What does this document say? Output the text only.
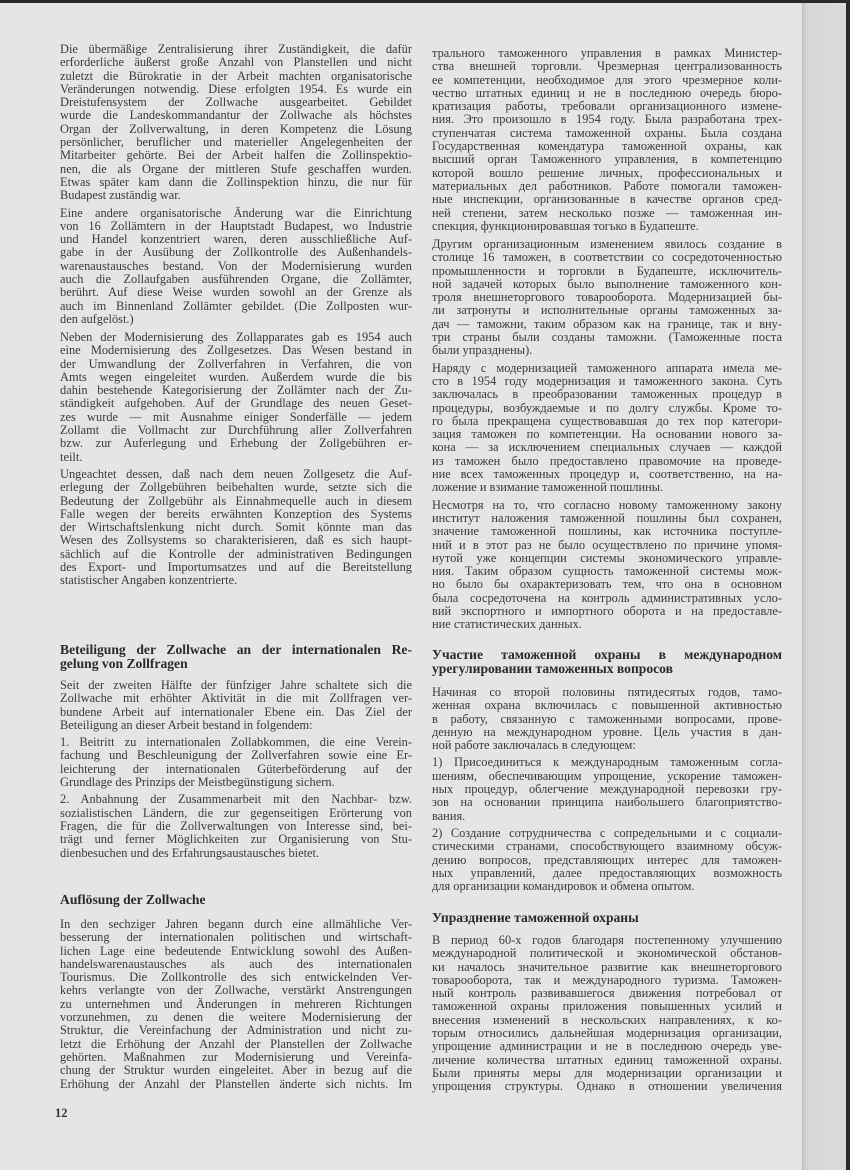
Die übermäßige Zentralisierung ihrer Zuständigkeit, die dafür
erforderliche äußerst große Anzahl von Planstellen und nicht
zuletzt die Bürokratie in der Arbeit machten organisatorische
Veränderungen notwendig. Diese erfolgten 1954. Es wurde ein
Dreistufensystem der Zollwache ausgearbeitet. Gebildet
wurde die Landeskommandantur der Zollwache als höchstes
Organ der Zollverwaltung, in deren Kompetenz die Lösung
persönlicher, beruflicher und materieller Angelegenheiten der
Mitarbeiter gehörte. Bei der Arbeit halfen die Zollinspektio-
nen, die als Organe der mittleren Stufe geschaffen wurden.
Etwas später kam dann die Zollinspektion hinzu, die nur für
Budapest zuständig war.
Eine andere organisatorische Änderung war die Einrichtung
von 16 Zollämtern in der Hauptstadt Budapest, wo Industrie
und Handel konzentriert waren, deren ausschließliche Auf-
gabe in der Ausübung der Zollkontrolle des Außenhandels-
warenaustausches bestand. Von der Modernisierung wurden
auch die Zollaufgaben ausführenden Organe, die Zollämter,
berührt. Auf diese Weise wurden sowohl an der Grenze als
auch im Binnenland Zollämter gebildet. (Die Zollposten wur-
den aufgelöst.)
Neben der Modernisierung des Zollapparates gab es 1954 auch
eine Modernisierung des Zollgesetzes. Das Wesen bestand in
der Umwandlung der Zollverfahren in Verfahren, die von
Amts wegen eingeleitet wurden. Außerdem wurde die bis
dahin bestehende Kategorisierung der Zollämter nach der Zu-
ständigkeit aufgehoben. Auf der Grundlage des neuen Geset-
zes wurde — mit Ausnahme einiger Sonderfälle — jedem
Zollamt die Vollmacht zur Durchführung aller Zollverfahren
bzw. zur Auferlegung und Erhebung der Zollgebühren er-
teilt.
Ungeachtet dessen, daß nach dem neuen Zollgesetz die Auf-
erlegung der Zollgebühren beibehalten wurde, setzte sich die
Bedeutung der Zollgebühr als Einnahmequelle auch in diesem
Falle wegen der bereits erwähnten Konzeption des Systems
der Wirtschaftslenkung nicht durch. Somit könnte man das
Wesen des Zollsystems so charakterisieren, daß es sich haupt-
sächlich auf die Kontrolle der administrativen Bedingungen
des Export- und Importumsatzes und auf die Bereitstellung
statistischer Angaben konzentrierte.
Beteiligung der Zollwache an der internationalen Re-
gelung von Zollfragen
Seit der zweiten Hälfte der fünfziger Jahre schaltete sich die
Zollwache mit erhöhter Aktivität in die mit Zollfragen ver-
bundene Arbeit auf internationaler Ebene ein. Das Ziel der
Beteiligung an dieser Arbeit bestand in folgendem:
1. Beitritt zu internationalen Zollabkommen, die eine Verein-
fachung und Beschleunigung der Zollverfahren sowie eine Er-
leichterung der internationalen Güterbeförderung auf der
Grundlage des Prinzips der Meistbegünstigung sichern.
2. Anbahnung der Zusammenarbeit mit den Nachbar- bzw.
sozialistischen Ländern, die zur gegenseitigen Erörterung von
Fragen, die für die Zollverwaltungen von Interesse sind, bei-
trägt und ferner Möglichkeiten zur Organisierung von Stu-
dienbesuchen und des Erfahrungsaustausches bietet.
Auflösung der Zollwache
In den sechziger Jahren begann durch eine allmähliche Ver-
besserung der internationalen politischen und wirtschaft-
lichen Lage eine bedeutende Entwicklung sowohl des Außen-
handelswarenaustausches als auch des internationalen
Tourismus. Die Zollkontrolle des sich entwickelnden Ver-
kehrs verlangte von der Zollwache, verstärkt Anstrengungen
zu unternehmen und Änderungen in mehreren Richtungen
vorzunehmen, zu denen die weitere Modernisierung der
Struktur, die Vereinfachung der Administration und nicht zu-
letzt die Erhöhung der Anzahl der Planstellen der Zollwache
gehörten. Maßnahmen zur Modernisierung und Vereinfa-
chung der Struktur wurden eingeleitet. Aber in bezug auf die
Erhöhung der Anzahl der Planstellen änderte sich nichts. Im
трального таможенного управления в рамках Министер-
ства внешней торговли. Чрезмерная централизованность
ее компетенции, необходимое для этого чрезмерное коли-
чество штатных единиц и не в последнюю очередь бюро-
кратизация работы, требовали организационного измене-
ния. Это произошло в 1954 году. Была разработана трех-
ступенчатая система таможенной охраны. Была создана
Государственная комендатура таможенной охраны, как
высший орган Таможенного управления, в компетенцию
которой вошло решение личных, профессиональных и
материальных дел работников. Работе помогали таможен-
ные инспекции, организованные в качестве органов сред-
ней степени, затем несколько позже — таможенная ин-
спекция, функционировавшая тогько в Будапеште.
Другим организационным изменением явилось создание в
столице 16 таможен, в соответствии со сосредоточенностью
промышленности и торговли в Будапеште, исключитель-
ной задачей которых было выполнение таможенного кон-
троля внешнеторгового товарооборота. Модернизацией бы-
ли затронуты и исполнительные органы таможенных за-
дач — таможни, таким образом как на границе, так и вну-
три страны были созданы таможни. (Таможенные поста
были упразднены).
Наряду с модернизацией таможенного аппарата имела ме-
сто в 1954 году модернизация и таможенного закона. Суть
заключалась в преобразовании таможенных процедур в
процедуры, возбуждаемые и по долгу службы. Кроме то-
го была прекращена существовавшая до тех пор категори-
зация таможен по компетенции. На основании нового за-
кона — за исключением специальных случаев — каждой
из таможен было предоставлено правомочие на проведе-
ние всех таможенных процедур и, соответственно, на на-
ложение и взимание таможенной пошлины.
Несмотря на то, что согласно новому таможенному закону
институт наложения таможенной пошлины был сохранен,
значение таможенной пошлины, как источника поступле-
ний и в этот раз не было осуществлено по причине упомя-
нутой уже концепции системы экономического управле-
ния. Таким образом сущность таможенной системы мож-
но было бы охарактеризовать тем, что она в основном
была сосредоточена на контроль административных усло-
вий экспортного и импортного оборота и на предоставле-
ние статистических данных.
Участие таможенной охраны в международном
урегулировании таможенных вопросов
Начиная со второй половины пятидесятых годов, тамо-
женная охрана включилась с повышенной активностью
в работу, связанную с таможенными вопросами, прове-
денную на международном уровне. Цель участия в дан-
ной работе заключалась в следующем:
1) Присоединиться к международным таможенным согла-
шениям, обеспечивающим упрощение, ускорение таможен-
ных процедур, облегчение международной перевозки гру-
зов на основании принципа наибольшего благоприятство-
вания.
2) Создание сотрудничества с сопредельными и с социали-
стическими странами, способствующего взаимному обсуж-
дению вопросов, представляющих интерес для таможен-
ных управлений, далее предоставляющих возможность
для организации командировок и обмена опытом.
Упразднение таможенной охраны
В период 60-х годов благодаря постепенному улучшению
международной политической и экономической обстанов-
ки началось значительное развитие как внешнеторгового
товарооборота, так и международного туризма. Таможен-
ный контроль развивавшегося движения потребовал от
таможенной охраны приложения повышенных усилий и
внесения изменений в нескольских направлениях, к ко-
торым относились дальнейшая модернизация организации,
упрощение администрации и не в последнюю очередь уве-
личение количества штатных единиц таможенной охраны.
Были приняты меры для модернизации организации и
упрощения структуры. Однако в отношении увеличения
12
